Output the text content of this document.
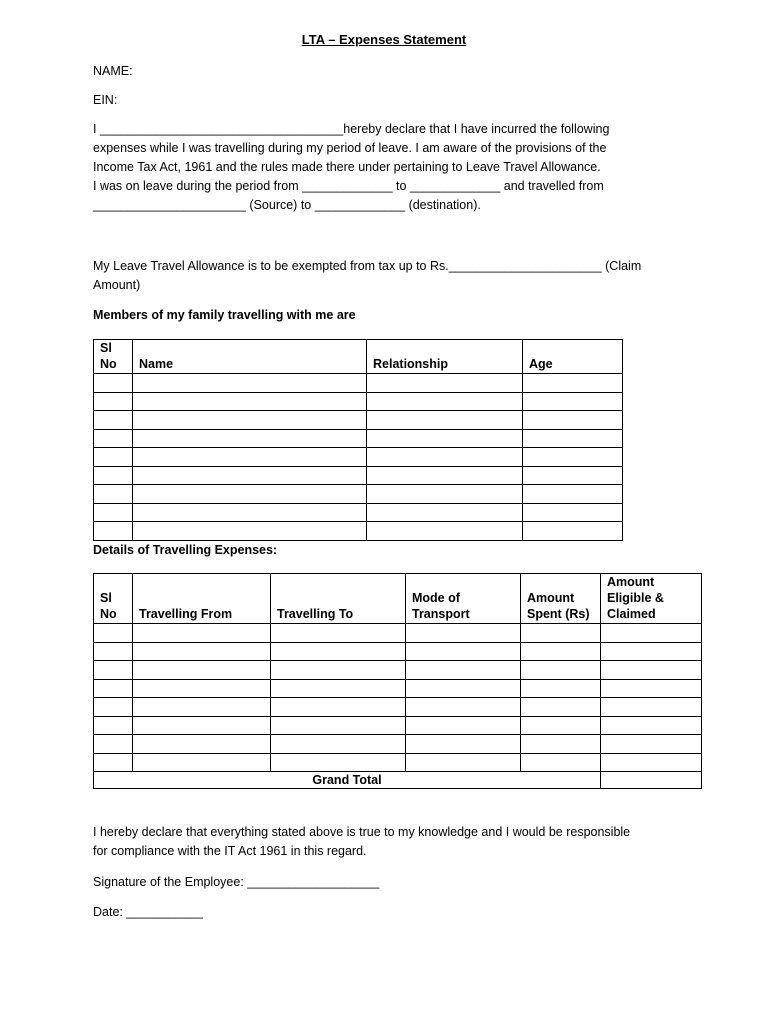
LTA – Expenses Statement
NAME:
EIN:
I ___________________________________hereby declare that I have incurred the following
expenses while I was travelling during my period of leave. I am aware of the provisions of the
Income Tax Act, 1961 and the rules made there under pertaining to Leave Travel Allowance.
I was on leave during the period from _____________ to _____________ and travelled from
______________________ (Source) to _____________ (destination).
My Leave Travel Allowance is to be exempted from tax up to Rs.______________________ (Claim
Amount)
Members of my family travelling with me are
Sl No	Name	Relationship	Age

Details of Travelling Expenses:
Sl No	Travelling From	Travelling To	Mode of Transport	Amount Spent (Rs)	Amount Eligible & Claimed

Grand Total					
I hereby declare that everything stated above is true to my knowledge and I would be responsible
for compliance with the IT Act 1961 in this regard.
Signature of the Employee: ___________________
Date: ___________
